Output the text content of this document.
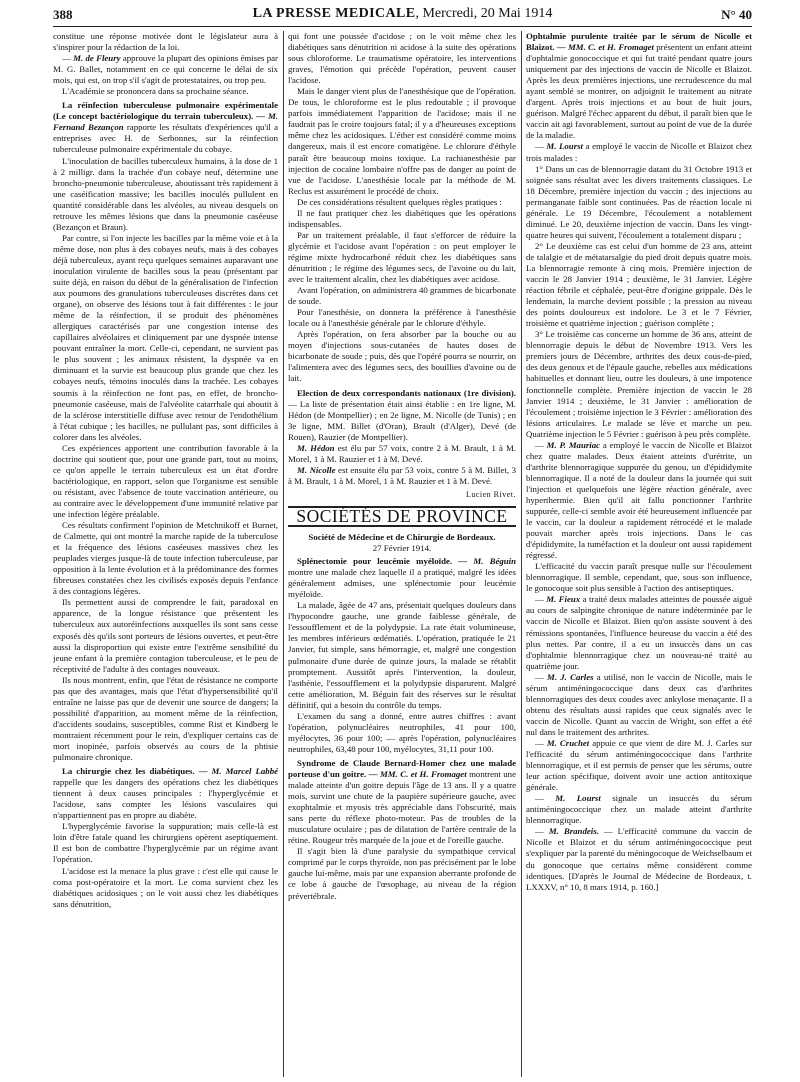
388	LA PRESSE MEDICALE, Mercredi, 20 Mai 1914	N° 40

constitue une réponse motivée dont le législateur aura à s'inspirer pour la rédaction de la loi.

— M. de Fleury approuve la plupart des opinions émises par M. G. Ballet, notamment en ce qui concerne le délai de six mois, qui est, on trop s'il s'agit de protestataires, ou trop peu.

L'Académie se prononcera dans sa prochaine séance.

La réinfection tuberculeuse pulmonaire expérimentale (Le concept bactériologique du terrain tuberculeux). — M. Fernand Bezançon rapporte les résultats d'expériences qu'il a entreprises avec H. de Serbonnes, sur la réinfection tuberculeuse pulmonaire expérimentale du cobaye.

L'inoculation de bacilles tuberculeux humains, à la dose de 1 à 2 milligr. dans la trachée d'un cobaye neuf, détermine une broncho-pneumonie tuberculeuse, aboutissant très rapidement à une caséification massive; les bacilles inoculés pullulent en quantité considérable dans les alvéoles, au niveau desquels on retrouve les mêmes lésions que dans la pneumonie caséeuse (Bezançon et Braun).

Par contre, si l'on injecte les bacilles par la même voie et à la même dose, non plus à des cobayes neufs, mais à des cobayes déjà tuberculeux, ayant reçu quelques semaines auparavant une inoculation virulente de bacilles sous la peau (présentant par suite déjà, en raison du début de la généralisation de l'infection aux poumons des granulations tuberculeuses discrètes dans cet organe), on observe des lésions tout à fait différentes : le jour même de la réinfection, il se produit des phénomènes allergiques caractérisés par une congestion intense des capillaires alvéolaires et cliniquement par une dyspnée intense pouvant entraîner la mort. Celle-ci, cependant, ne survient pas le plus souvent ; les animaux résistent, la dyspnée va en diminuant et la survie est beaucoup plus grande que chez les cobayes neufs, témoins inoculés dans la trachée. Les cobayes soumis à la réinfection ne font pas, en effet, de broncho-pneumonie caséeuse, mais de l'alvéolite catarrhale qui aboutit à de la sclérose interstitielle diffuse avec retour de l'endothélium à l'état cubique ; les bacilles, ne pullulant pas, sont difficiles à colorer dans les alvéoles.

Ces expériences apportent une contribution favorable à la doctrine qui soutient que, pour une grande part, tout au moins, ce qu'on appelle le terrain tuberculeux est un état d'ordre bactériologique, en rapport, selon que l'organisme est sensible ou résistant, avec l'absence de toute vaccination antérieure, ou au contraire avec le développement d'une immunité relative par une infection légère préalable.

Ces résultats confirment l'opinion de Metchnikoff et Burnet, de Calmette, qui ont montré la marche rapide de la tuberculose et la fréquence des lésions caséeuses massives chez les peuplades vierges jusque-là de toute infection tuberculeuse, par opposition à la lente évolution et à la prédominance des formes fibreuses constatées chez les civilisés exposés depuis l'enfance à des contagions légères.

Ils permettent aussi de comprendre le fait, paradoxal en apparence, de la longue résistance que présentent les tuberculeux aux autoréinfections auxquelles ils sont sans cesse exposés dès qu'ils sont porteurs de lésions ouvertes, et peut-être aussi la disproportion qui existe entre l'extrême sensibilité du jeune enfant à la première contagion tuberculeuse, et le peu de réceptivité de l'adulte à des contages nouveaux.

Ils nous montrent, enfin, que l'état de résistance ne comporte pas que des avantages, mais que l'état d'hypersensibilité qu'il entraîne ne laisse pas que de devenir une source de dangers; la possibilité d'apparition, au moment même de la réinfection, d'accidents soudains, susceptibles, comme Rist et Kindberg le montraient récemment pour le rein, d'expliquer certains cas de mort inopinée, parfois observés au cours de la phtisie pulmonaire chronique.

La chirurgie chez les diabétiques. — M. Marcel Labbé rappelle que les dangers des opérations chez les diabétiques tiennent à deux causes principales : l'hyperglycémie et l'acidose, sans compter les lésions vasculaires qui n'appartiennent pas en propre au diabète.

L'hyperglycémie favorise la suppuration; mais celle-là est loin d'être fatale quand les chirurgiens opèrent aseptiquement. Il est bon de combattre l'hyperglycémie par un régime avant l'opération.

L'acidose est la menace la plus grave : c'est elle qui cause le coma post-opératoire et la mort. Le coma survient chez les diabétiques acidosiques ; on le voit aussi chez les diabétiques sans dénutrition,

qui font une poussée d'acidose ; on le voit même chez les diabétiques sans dénutrition ni acidose à la suite des opérations sous chloroforme. Le traumatisme opératoire, les interventions graves, l'émotion qui précède l'opération, peuvent causer l'acidose.

Mais le danger vient plus de l'anesthésique que de l'opération. De tous, le chloroforme est le plus redoutable ; il provoque parfois immédiatement l'apparition de l'acidose; mais il ne faudrait pas le croire toujours fatal; il y a d'heureuses exceptions même chez les acidosiques. L'éther est considéré comme moins dangereux, mais il est encore comatigène. Le chlorure d'éthyle paraît être beaucoup moins toxique. La rachianesthésie par injection de cocaïne lombaire n'offre pas de danger au point de vue de l'acidose. L'anesthésie locale par la méthode de M. Reclus est assurément le procédé de choix.

De ces considérations résultent quelques règles pratiques :

Il ne faut pratiquer chez les diabétiques que les opérations indispensables.

Par un traitement préalable, il faut s'efforcer de réduire la glycémie et l'acidose avant l'opération : on peut employer le régime mixte hydrocarboné réduit chez les diabétiques sans dénutrition ; le régime des légumes secs, de l'avoine ou du lait, avec le traitement alcalin, chez les diabétiques avec acidose.

Avant l'opération, on administrera 40 grammes de bicarbonate de soude.

Pour l'anesthésie, on donnera la préférence à l'anesthésie locale ou à l'anesthésie générale par le chlorure d'éthyle.

Après l'opération, on fera absorber par la bouche ou au moyen d'injections sous-cutanées de hautes doses de bicarbonate de soude ; puis, dès que l'opéré pourra se nourrir, on l'alimentera avec des légumes secs, des bouillies d'avoine ou de lait.

Election de deux correspondants nationaux (1re division). — La liste de présentation était ainsi établie : en 1re ligne, M. Hédon (de Montpellier) ; en 2e ligne, M. Nicolle (de Tunis) ; en 3e ligne, MM. Billet (d'Oran), Brault (d'Alger), Devé (de Rouen), Rauzier (de Montpellier).

M. Hédon est élu par 57 voix, contre 2 à M. Brault, 1 à M. Morel, 1 à M. Rauzier et 1 à M. Devé.

M. Nicolle est ensuite élu par 53 voix, contre 5 à M. Billet, 3 à M. Brault, 1 à M. Morel, 1 à M. Rauzier et 1 à M. Devé.

Lucien Rivet.

SOCIÉTÉS DE PROVINCE

Société de Médecine et de Chirurgie de Bordeaux.

27 Février 1914.

Splénectomie pour leucémie myéloïde. — M. Béguin montre une malade chez laquelle il a pratiqué, malgré les idées généralement admises, une splénectomie pour leucémie myéloïde.

La malade, âgée de 47 ans, présentait quelques douleurs dans l'hypocondre gauche, une grande faiblesse générale, de l'essoufflement et de la polydypsie. La rate était volumineuse, les membres inférieurs œdématiés. L'opération, pratiquée le 21 Janvier, fut simple, sans hémorragie, et, malgré une congestion pulmonaire d'une durée de quinze jours, la malade se rétablit promptement. Aussitôt après l'intervention, la douleur, l'asthénie, l'essoufflement et la polydypsie disparurent. Malgré cette amélioration, M. Béguin fait des réserves sur le résultat définitif, qui a besoin du contrôle du temps.

L'examen du sang a donné, entre autres chiffres : avant l'opération, polynucléaires neutrophiles, 41 pour 100, myélocytes, 36 pour 100; — après l'opération, polynucléaires neutrophiles, 63,48 pour 100, myélocytes, 31,11 pour 100.

Syndrome de Claude Bernard-Homer chez une malade porteuse d'un goitre. — MM. C. et H. Fromaget montrent une malade atteinte d'un goitre depuis l'âge de 13 ans. Il y a quatre mois, survint une chute de la paupière supérieure gauche, avec exophtalmie et myosis très appréciable dans l'obscurité, mais sans perte du réflexe photo-moteur. Pas de troubles de la musculature oculaire ; pas de dilatation de l'artère centrale de la rétine. Rougeur très marquée de la joue et de l'oreille gauche.

Il s'agit bien là d'une paralysie du sympathique cervical comprimé par le corps thyroïde, non pas précisément par le lobe gauche lui-même, mais par une expansion aberrante profonde de ce lobe à gauche de l'œsophage, au niveau de la région prévertébrale.

Ophtalmie purulente traitée par le sérum de Nicolle et Blaizot. — MM. C. et H. Fromaget présentent un enfant atteint d'ophtalmie gonococcique et qui fut traité pendant quatre jours uniquement par des injections de vaccin de Nicolle et Blaizot. Après les deux premières injections, une recrudescence du mal ayant semblé se montrer, on adjoignit le traitement au nitrate d'argent. Après trois injections et au bout de huit jours, guérison. Malgré l'échec apparent du début, il paraît bien que le vaccin ait agi favorablement, surtout au point de vue de la durée de la maladie.

— M. Lourst a employé le vaccin de Nicolle et Blaizot chez trois malades :

1° Dans un cas de blennorragie datant du 31 Octobre 1913 et soignée sans résultat avec les divers traitements classiques. Le 18 Décembre, première injection du vaccin ; des injections au permanganate faible sont continuées. Pas de réaction locale ni générale. Le 19 Décembre, l'écoulement a notablement diminué. Le 20, deuxième injection de vaccin. Dans les vingt-quatre heures qui suivent, l'écoulement a totalement disparu ;

2° Le deuxième cas est celui d'un homme de 23 ans, atteint de talalgie et de métatarsalgie du pied droit depuis quatre mois. La blennorragie remonte à cinq mois. Première injection de vaccin le 28 Janvier 1914 ; deuxième, le 31 Janvier. Légère réaction fébrile et céphalée, peut-être d'origine grippale. Dès le lendemain, la marche devient possible ; la pression au niveau des points douloureux est indolore. Le 3 et le 7 Février, troisième et quatrième injection ; guérison complète ;

3° Le troisième cas concerne un homme de 36 ans, atteint de blennorragie depuis le début de Novembre 1913. Vers les premiers jours de Décembre, arthrites des deux cous-de-pied, des deux genoux et de l'épaule gauche, rebelles aux médications habituelles et donnant lieu, outre les douleurs, à une impotence fonctionnelle complète. Première injection de vaccin le 28 Janvier 1914 ; deuxième, le 31 Janvier : amélioration de l'écoulement ; troisième injection le 3 Février : amélioration des lésions articulaires. Le malade se lève et marche un peu. Quatrième injection le 5 Février : guérison à peu près complète.

— M. P. Mauriac a employé le vaccin de Nicolle et Blaizot chez quatre malades. Deux étaient atteints d'urétrite, un d'arthrite blennorragique suppurée du genou, un d'épididymite blennorragique. Il a noté de la douleur dans la journée qui suit l'injection et quelquefois une légère réaction générale, avec hyperthermie. Bien qu'il ait fallu ponctionner l'arthrite suppurée, celle-ci semble avoir été heureusement influencée par le vaccin, car la douleur a rapidement rétrocédé et le malade pouvait marcher après trois injections. Dans le cas d'épididymite, la tuméfaction et la douleur ont aussi rapidement régressé.

L'efficacité du vaccin paraît presque nulle sur l'écoulement blennorragique. Il semble, cependant, que, sous son influence, le gonocoque soit plus sensible à l'action des antiseptiques.

— M. Fieux a traité deux malades atteintes de poussée aiguë au cours de salpingite chronique de nature indéterminée par le vaccin de Nicolle et Blaizot. Bien qu'on assiste souvent à des rémissions spontanées, l'influence heureuse du vaccin a été des plus nettes. Par contre, il a eu un insuccès dans un cas d'ophtalmie blennorragique chez un nouveau-né traité au quatrième jour.

— M. J. Carles a utilisé, non le vaccin de Nicolle, mais le sérum antiméningococcique dans deux cas d'arthrites blennorragiques des deux coudes avec ankylose menaçante. Il a obtenu des résultats aussi rapides que ceux signalés avec le vaccin de Nicolle. Quant au vaccin de Wright, son effet a été nul dans le traitement des arthrites.

— M. Cruchet appuie ce que vient de dire M. J. Carles sur l'efficacité du sérum antiméningococcique dans l'arthrite blennorragique, et il est permis de penser que les sérums, outre leur action spécifique, doivent avoir une action antitoxique générale.

— M. Lourst signale un insuccès du sérum antiméningococcique chez un malade atteint d'arthrite blennorragique.

— M. Brandeis. — L'efficacité commune du vaccin de Nicolle et Blaizot et du sérum antiméningococcique peut s'expliquer par la parenté du méningocoque de Weichselbaum et du gonocoque que certains même considèrent comme identiques. [D'après le Journal de Médecine de Bordeaux, t. LXXXV, n° 10, 8 mars 1914, p. 160.]
